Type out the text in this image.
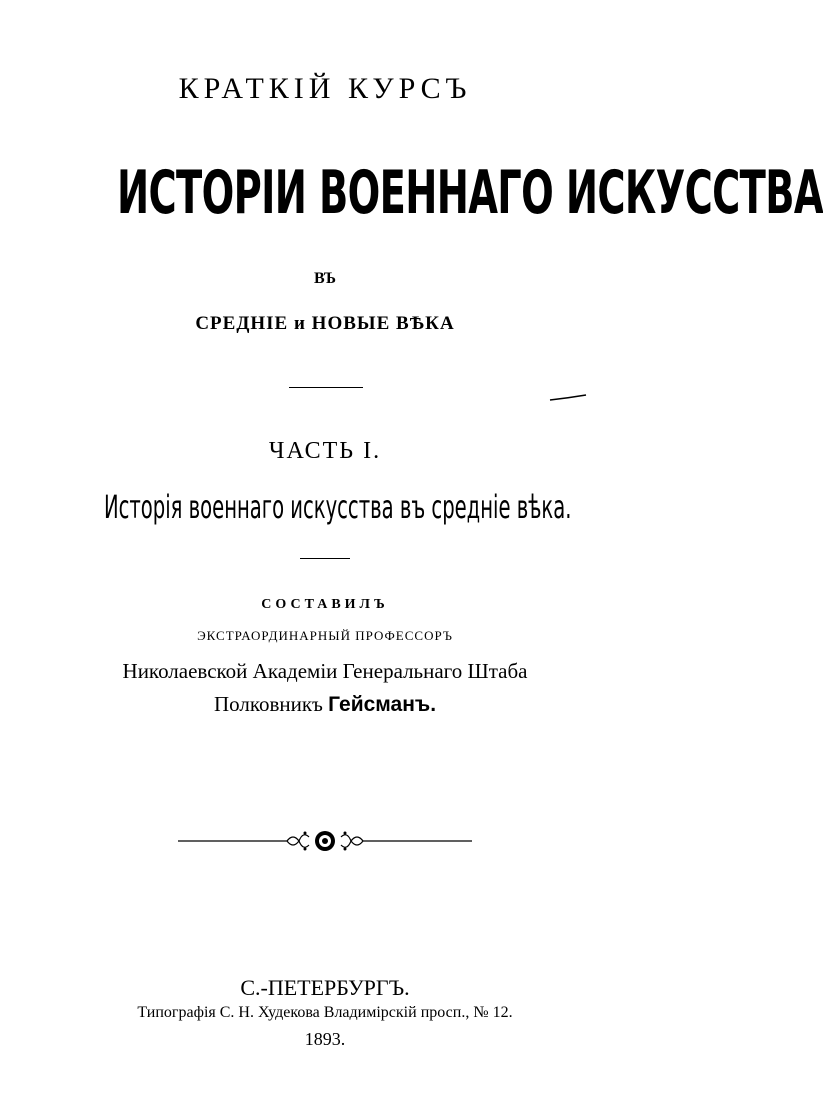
КРАТКІЙ КУРСЪ
ИСТОРІИ ВОЕННАГО ИСКУССТВА
ВЪ
СРЕДНІЕ и НОВЫЕ ВѢКА
ЧАСТЬ I.
Исторія военнаго искусства въ средніе вѣка.
СОСТАВИЛЪ
ЭКСТРАОРДИНАРНЫЙ ПРОФЕССОРЪ
Николаевской Академіи Генеральнаго Штаба
Полковникъ Гейсманъ.
С.-ПЕТЕРБУРГЪ.
Типографія С. Н. Худекова Владимірскій просп., № 12.
1893.
